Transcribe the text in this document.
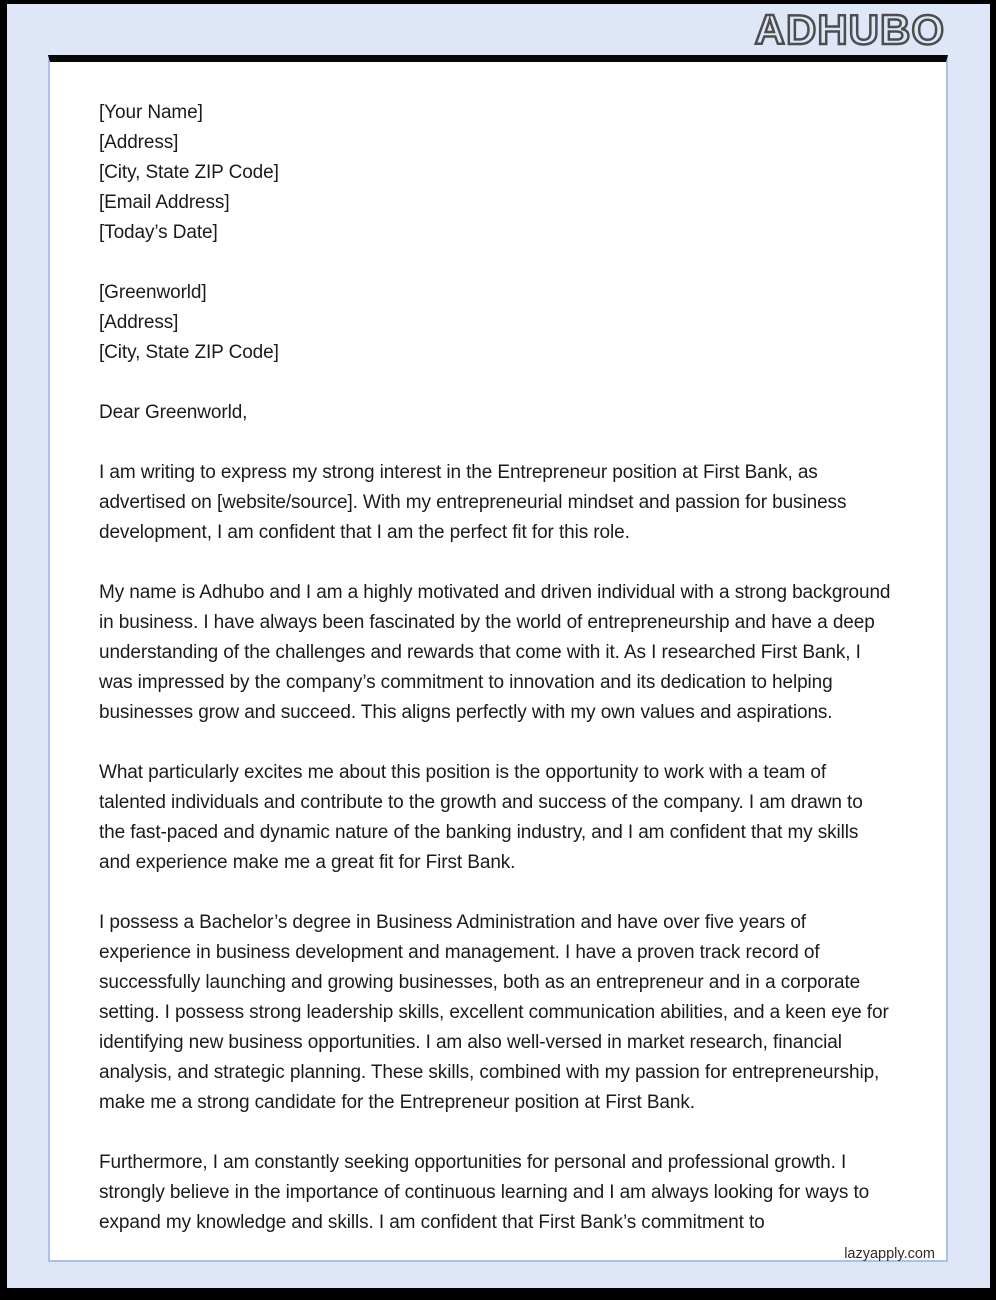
ADHUBO
[Your Name]
[Address]
[City, State ZIP Code]
[Email Address]
[Today’s Date]
[Greenworld]
[Address]
[City, State ZIP Code]

Dear Greenworld,

I am writing to express my strong interest in the Entrepreneur position at First Bank, as advertised on [website/source]. With my entrepreneurial mindset and passion for business development, I am confident that I am the perfect fit for this role.

My name is Adhubo and I am a highly motivated and driven individual with a strong background in business. I have always been fascinated by the world of entrepreneurship and have a deep understanding of the challenges and rewards that come with it. As I researched First Bank, I was impressed by the company’s commitment to innovation and its dedication to helping businesses grow and succeed. This aligns perfectly with my own values and aspirations.

What particularly excites me about this position is the opportunity to work with a team of talented individuals and contribute to the growth and success of the company. I am drawn to the fast-paced and dynamic nature of the banking industry, and I am confident that my skills and experience make me a great fit for First Bank.

I possess a Bachelor’s degree in Business Administration and have over five years of experience in business development and management. I have a proven track record of successfully launching and growing businesses, both as an entrepreneur and in a corporate setting. I possess strong leadership skills, excellent communication abilities, and a keen eye for identifying new business opportunities. I am also well-versed in market research, financial analysis, and strategic planning. These skills, combined with my passion for entrepreneurship, make me a strong candidate for the Entrepreneur position at First Bank.

Furthermore, I am constantly seeking opportunities for personal and professional growth. I strongly believe in the importance of continuous learning and I am always looking for ways to expand my knowledge and skills. I am confident that First Bank’s commitment to

lazyapply.com
